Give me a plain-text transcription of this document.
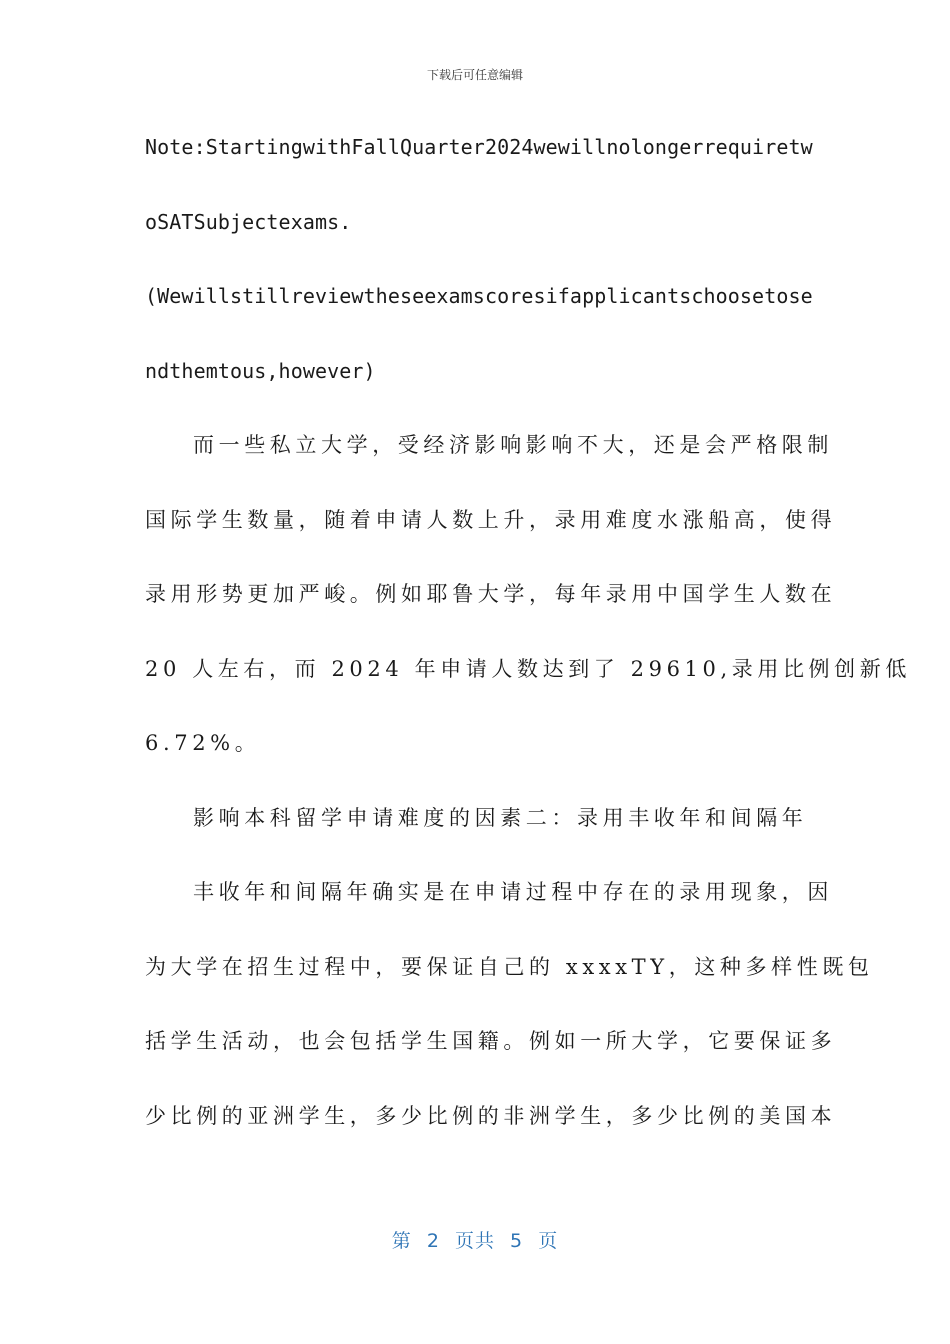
下载后可任意编辑
Note:StartingwithFallQuarter2024wewillnolongerrequiretw
oSATSubjectexams.
(Wewillstillreviewtheseexamscoresifapplicantschoosetose
ndthemtous,however)
而一些私立大学，受经济影响影响不大，还是会严格限制
国际学生数量，随着申请人数上升，录用难度水涨船高，使得
录用形势更加严峻。例如耶鲁大学，每年录用中国学生人数在
20 人左右，而 2024 年申请人数达到了 29610,录用比例创新低
6.72%。
影响本科留学申请难度的因素二：录用丰收年和间隔年
丰收年和间隔年确实是在申请过程中存在的录用现象，因
为大学在招生过程中，要保证自己的 xxxxTY，这种多样性既包
括学生活动，也会包括学生国籍。例如一所大学，它要保证多
少比例的亚洲学生，多少比例的非洲学生，多少比例的美国本
第 2 页共 5 页
